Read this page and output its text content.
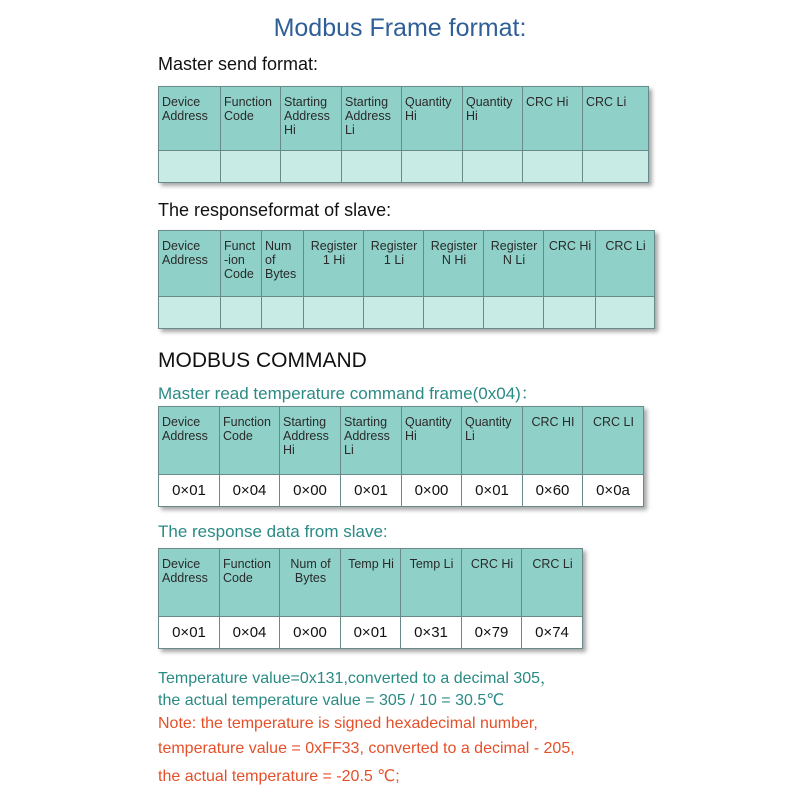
Modbus Frame format:
Master send format:
Device Address	Function Code	Starting Address Hi	Starting Address Li	Quantity Hi	Quantity Hi	CRC Hi	CRC Li

The responseformat of slave:
Device Address	Funct -ion Code	Num of Bytes	Register 1 Hi	Register 1 Li	Register N Hi	Register N Li	CRC Hi	CRC Li

MODBUS COMMAND
Master read temperature command frame(0x04)：
Device Address	Function Code	Starting Address Hi	Starting Address Li	Quantity Hi	Quantity Li	CRC HI	CRC LI
0×01	0×04	0×00	0×01	0×00	0×01	0×60	0×0a
The response data from slave:
Device Address	Function Code	Num of Bytes	Temp Hi	Temp Li	CRC Hi	CRC Li
0×01	0×04	0×00	0×01	0×31	0×79	0×74
Temperature value=0x131,converted to a decimal 305，
the actual temperature value = 305 / 10 = 30.5℃
Note: the temperature is signed hexadecimal number,
temperature value = 0xFF33, converted to a decimal - 205,
the actual temperature = -20.5 ℃;
